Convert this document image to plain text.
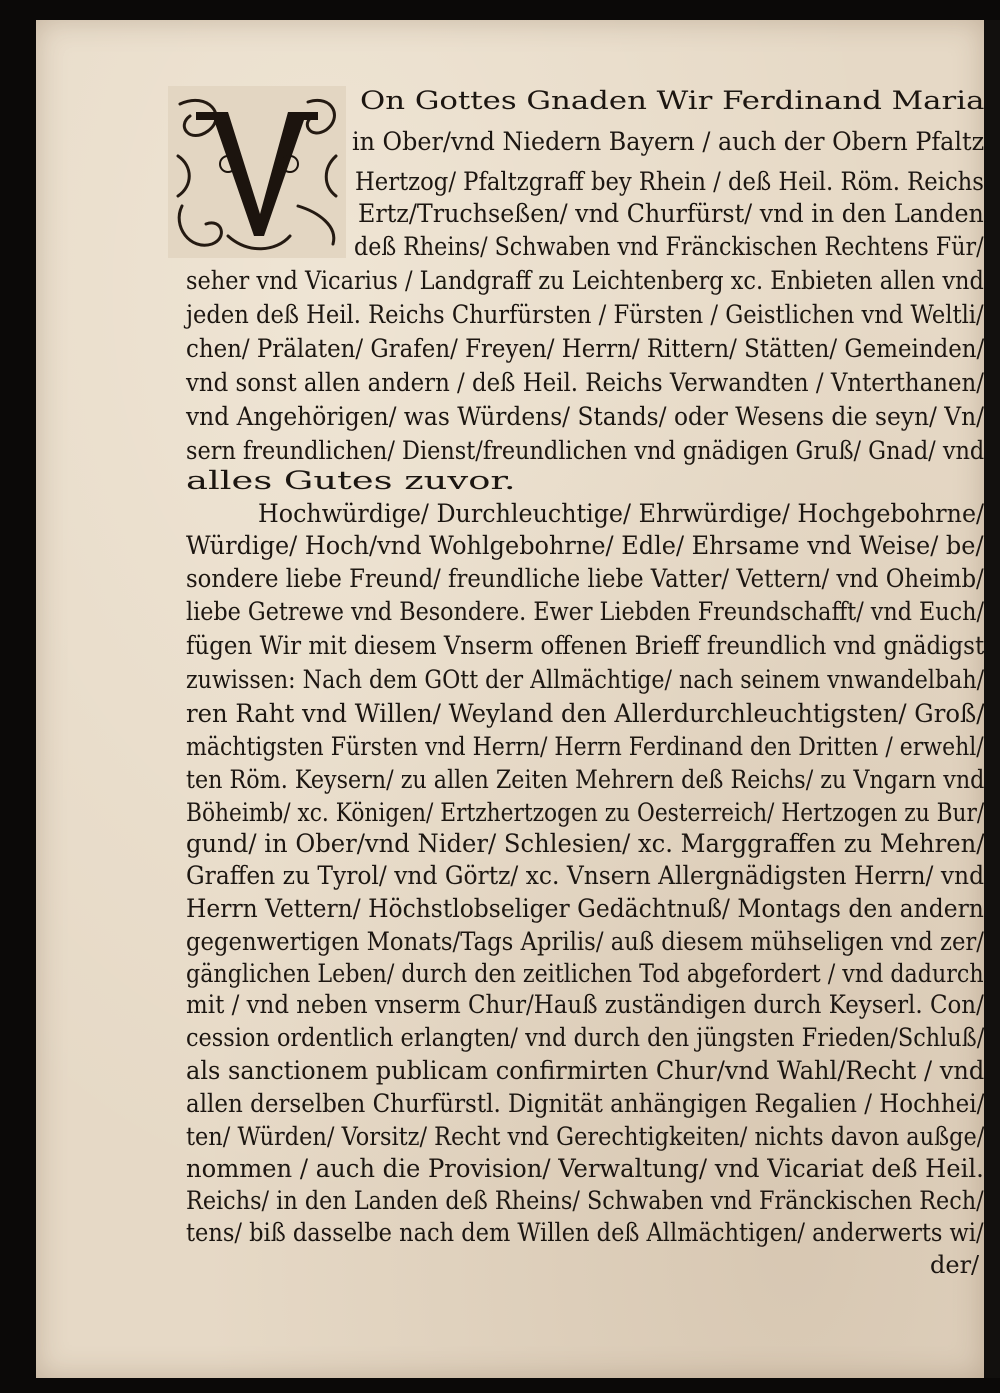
On Gottes Gnaden Wir Ferdinand Maria
in Ober/vnd Niedern Bayern / auch der Obern Pfaltz
Hertzog/ Pfaltzgraff bey Rhein / deß Heil. Röm. Reichs
Ertz/Truchseßen/ vnd Churfürst/ vnd in den Landen
deß Rheins/ Schwaben vnd Fränckischen Rechtens Für/
seher vnd Vicarius / Landgraff zu Leichtenberg xc. Enbieten allen vnd
jeden deß Heil. Reichs Churfürsten / Fürsten / Geistlichen vnd Weltli/
chen/ Prälaten/ Grafen/ Freyen/ Herrn/ Rittern/ Stätten/ Gemeinden/
vnd sonst allen andern / deß Heil. Reichs Verwandten / Vnterthanen/
vnd Angehörigen/ was Würdens/ Stands/ oder Wesens die seyn/ Vn/
sern freundlichen/ Dienst/freundlichen vnd gnädigen Gruß/ Gnad/ vnd
alles Gutes zuvor.
Hochwürdige/ Durchleuchtige/ Ehrwürdige/ Hochgebohrne/
Würdige/ Hoch/vnd Wohlgebohrne/ Edle/ Ehrsame vnd Weise/ be/
sondere liebe Freund/ freundliche liebe Vatter/ Vettern/ vnd Oheimb/
liebe Getrewe vnd Besondere. Ewer Liebden Freundschafft/ vnd Euch/
fügen Wir mit diesem Vnserm offenen Brieff freundlich vnd gnädigst
zuwissen: Nach dem GOtt der Allmächtige/ nach seinem vnwandelbah/
ren Raht vnd Willen/ Weyland den Allerdurchleuchtigsten/ Groß/
mächtigsten Fürsten vnd Herrn/ Herrn Ferdinand den Dritten / erwehl/
ten Röm. Keysern/ zu allen Zeiten Mehrern deß Reichs/ zu Vngarn vnd
Böheimb/ xc. Königen/ Ertzhertzogen zu Oesterreich/ Hertzogen zu Bur/
gund/ in Ober/vnd Nider/ Schlesien/ xc. Marggraffen zu Mehren/
Graffen zu Tyrol/ vnd Görtz/ xc. Vnsern Allergnädigsten Herrn/ vnd
Herrn Vettern/ Höchstlobseliger Gedächtnuß/ Montags den andern
gegenwertigen Monats/Tags Aprilis/ auß diesem mühseligen vnd zer/
gänglichen Leben/ durch den zeitlichen Tod abgefordert / vnd dadurch
mit / vnd neben vnserm Chur/Hauß zuständigen durch Keyserl. Con/
cession ordentlich erlangten/ vnd durch den jüngsten Frieden/Schluß/
als sanctionem publicam confirmirten Chur/vnd Wahl/Recht / vnd
allen derselben Churfürstl. Dignität anhängigen Regalien / Hochhei/
ten/ Würden/ Vorsitz/ Recht vnd Gerechtigkeiten/ nichts davon außge/
nommen / auch die Provision/ Verwaltung/ vnd Vicariat deß Heil.
Reichs/ in den Landen deß Rheins/ Schwaben vnd Fränckischen Rech/
tens/ biß dasselbe nach dem Willen deß Allmächtigen/ anderwerts wi/
der/
